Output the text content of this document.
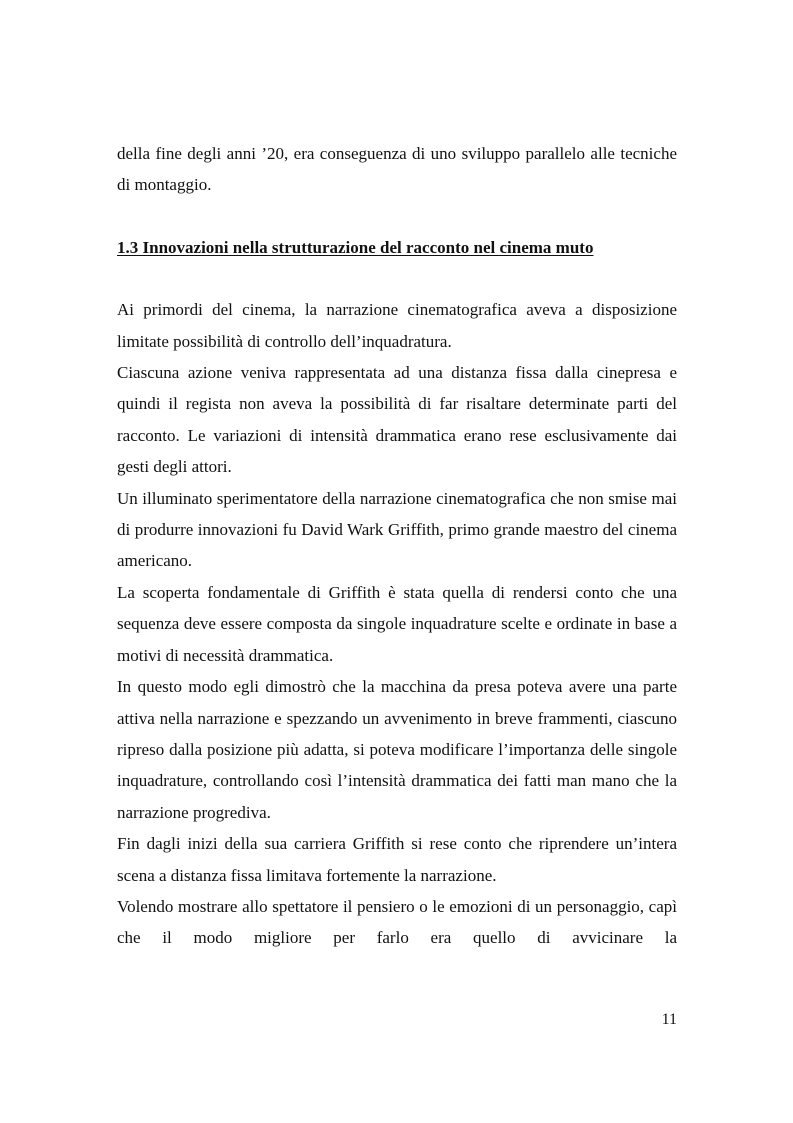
della fine degli anni ’20, era conseguenza di uno sviluppo parallelo alle tecniche di montaggio.

1.3 Innovazioni nella strutturazione del racconto nel cinema muto

Ai primordi del cinema, la narrazione cinematografica aveva a disposizione limitate possibilità di controllo dell’inquadratura.

Ciascuna azione veniva rappresentata ad una distanza fissa dalla cinepresa e quindi il regista non aveva la possibilità di far risaltare determinate parti del racconto. Le variazioni di intensità drammatica erano rese esclusivamente dai gesti degli attori.

Un illuminato sperimentatore della narrazione cinematografica che non smise mai di produrre innovazioni fu David Wark Griffith, primo grande maestro del cinema americano.

La scoperta fondamentale di Griffith è stata quella di rendersi conto che una sequenza deve essere composta da singole inquadrature scelte e ordinate in base a motivi di necessità drammatica.

In questo modo egli dimostrò che la macchina da presa poteva avere una parte attiva nella narrazione e spezzando un avvenimento in breve frammenti, ciascuno ripreso dalla posizione più adatta, si poteva modificare l’importanza delle singole inquadrature, controllando così l’intensità drammatica dei fatti man mano che la narrazione progrediva.

Fin dagli inizi della sua carriera Griffith si rese conto che riprendere un’intera scena a distanza fissa limitava fortemente la narrazione.

Volendo mostrare allo spettatore il pensiero o le emozioni di un personaggio, capì che il modo migliore per farlo era quello di avvicinare la

11
